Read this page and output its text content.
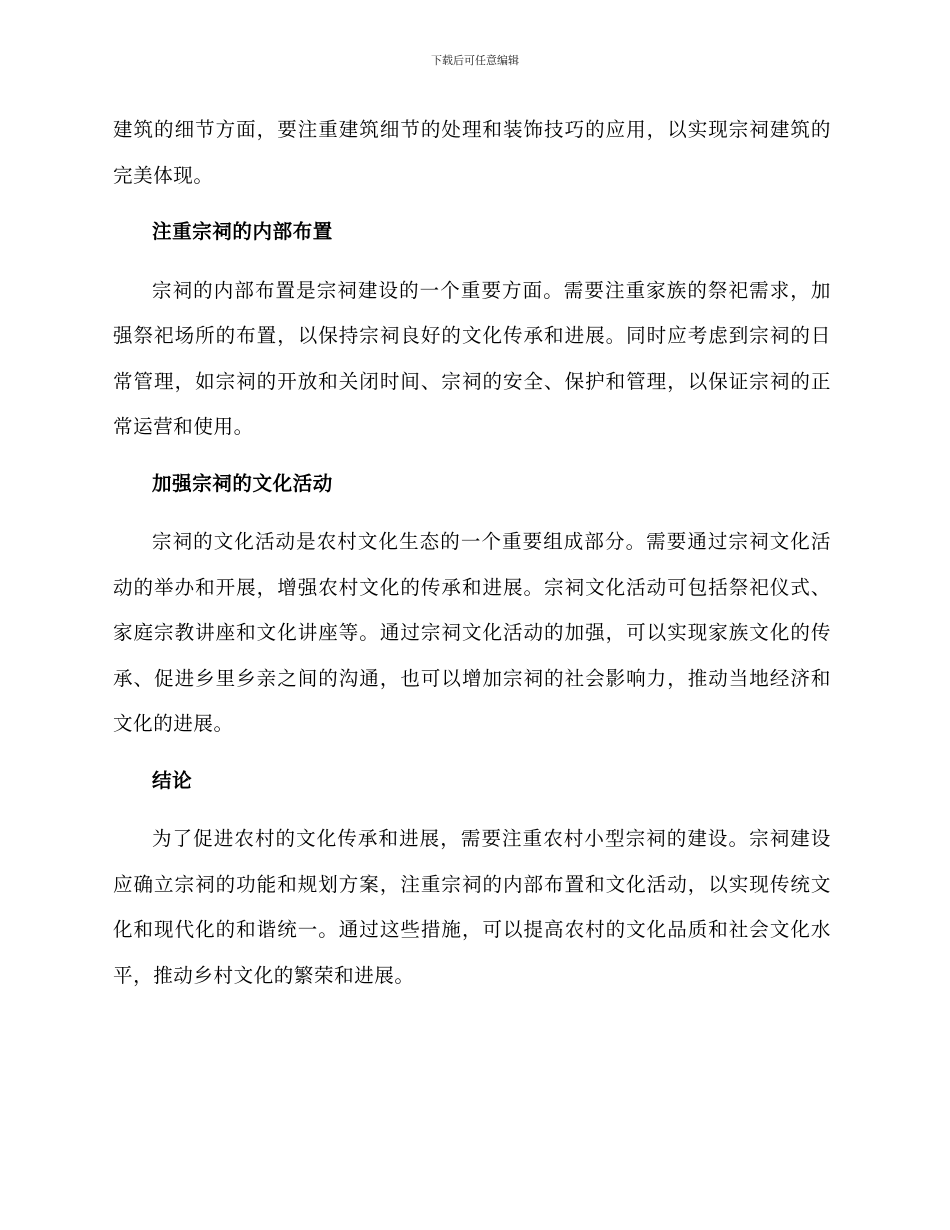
下载后可任意编辑

建筑的细节方面，要注重建筑细节的处理和装饰技巧的应用，以实现宗祠建筑的完美体现。

注重宗祠的内部布置

宗祠的内部布置是宗祠建设的一个重要方面。需要注重家族的祭祀需求，加强祭祀场所的布置，以保持宗祠良好的文化传承和进展。同时应考虑到宗祠的日常管理，如宗祠的开放和关闭时间、宗祠的安全、保护和管理，以保证宗祠的正常运营和使用。

加强宗祠的文化活动

宗祠的文化活动是农村文化生态的一个重要组成部分。需要通过宗祠文化活动的举办和开展，增强农村文化的传承和进展。宗祠文化活动可包括祭祀仪式、家庭宗教讲座和文化讲座等。通过宗祠文化活动的加强，可以实现家族文化的传承、促进乡里乡亲之间的沟通，也可以增加宗祠的社会影响力，推动当地经济和文化的进展。

结论

为了促进农村的文化传承和进展，需要注重农村小型宗祠的建设。宗祠建设应确立宗祠的功能和规划方案，注重宗祠的内部布置和文化活动，以实现传统文化和现代化的和谐统一。通过这些措施，可以提高农村的文化品质和社会文化水平，推动乡村文化的繁荣和进展。
